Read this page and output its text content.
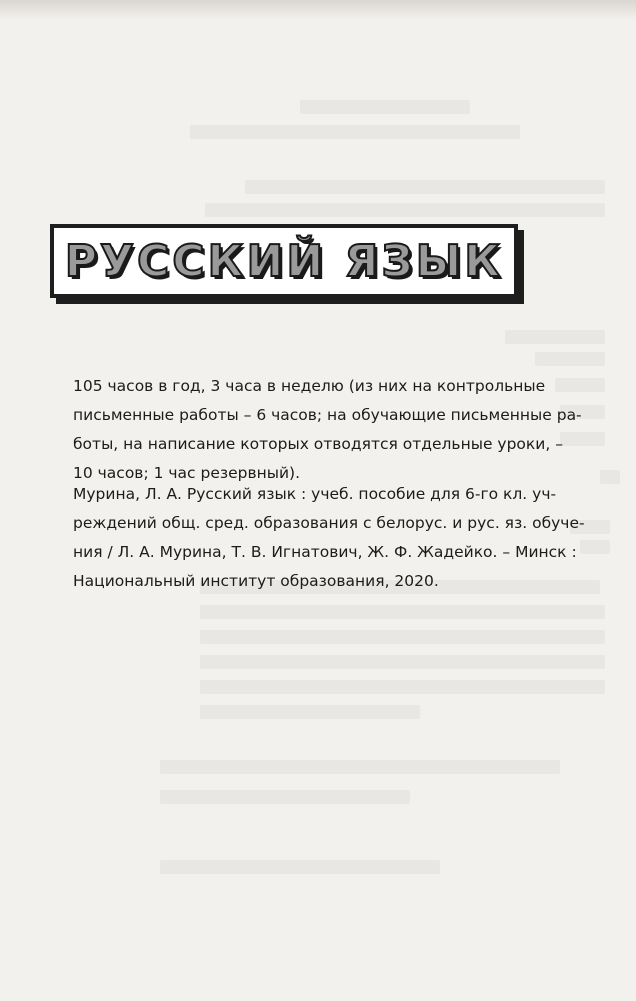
РУССКИЙ ЯЗЫК

105 часов в год, 3 часа в неделю (из них на контрольные
письменные работы – 6 часов; на обучающие письменные ра-
боты, на написание которых отводятся отдельные уроки, –
10 часов; 1 час резервный).

Мурина, Л. А. Русский язык : учеб. пособие для 6-го кл. уч-
реждений общ. сред. образования с белорус. и рус. яз. обуче-
ния / Л. А. Мурина, Т. В. Игнатович, Ж. Ф. Жадейко. – Минск :
Национальный институт образования, 2020.
